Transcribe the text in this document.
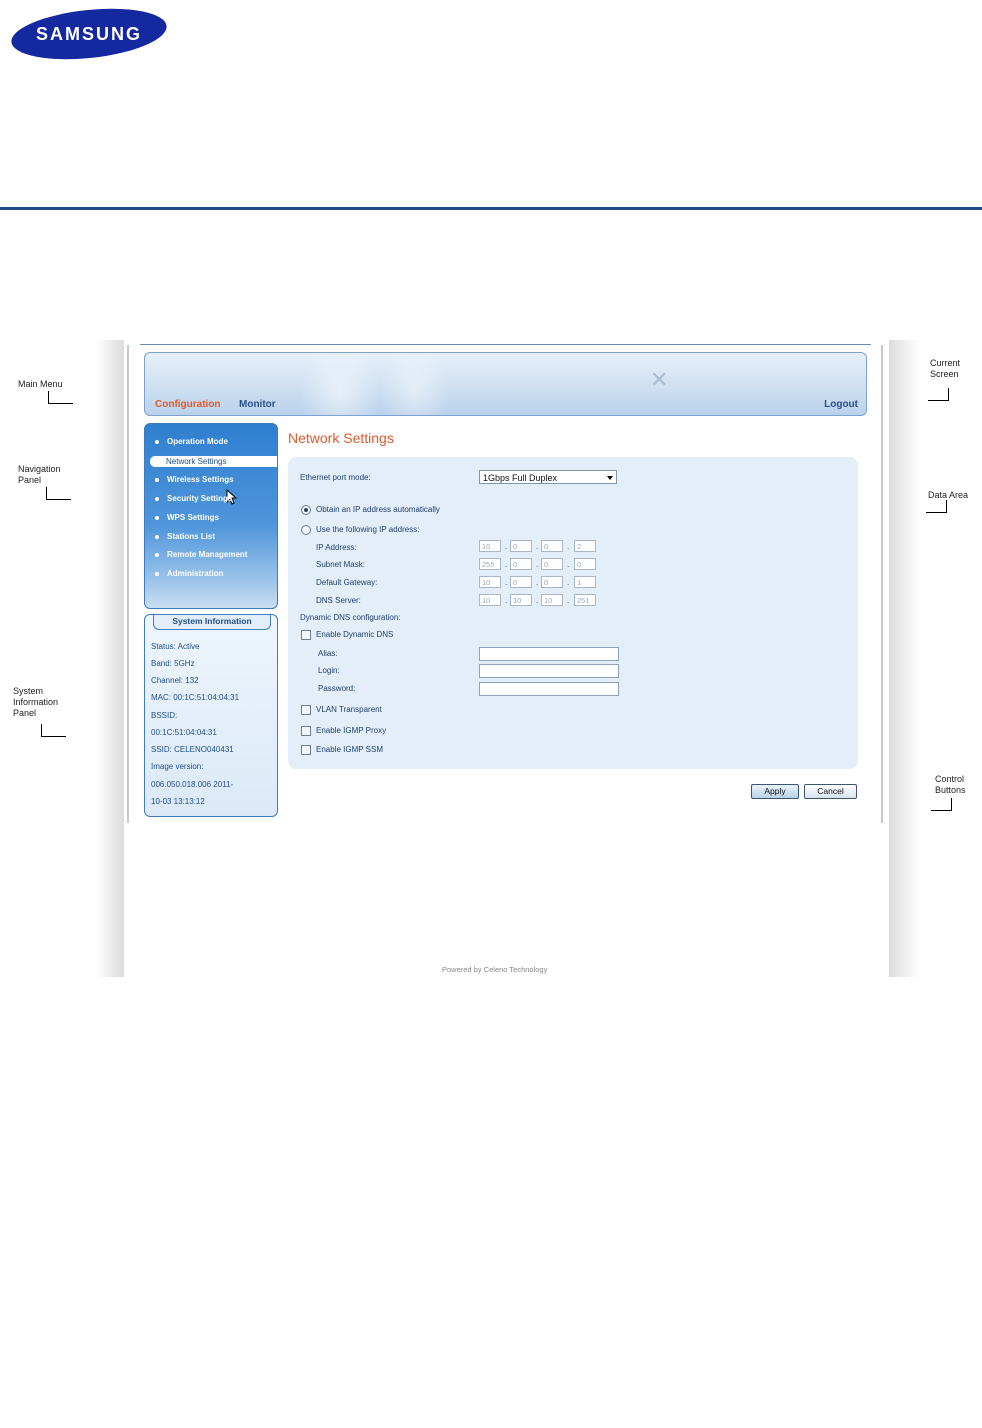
SAMSUNG
Main Menu
Navigation
Panel
System
Information
Panel
Current
Screen
Data Area
Control
Buttons
✕
Configuration Monitor	Logout
Operation Mode
Network Settings
Wireless Settings
Security Settings
WPS Settings
Stations List
Remote Management
Administration
System Information
Status: Active
Band: 5GHz
Channel: 132
MAC: 00:1C:51:04:04:31
BSSID:
00:1C:51:04:04:31
SSID: CELENO040431
Image version:
006.050.018.006 2011-
10-03 13:13:12
Network Settings
Ethernet port mode:	1Gbps Full Duplex
Obtain an IP address automatically
Use the following IP address:
IP Address:	10	. 0	. 0	.	2
Subnet Mask:	255	. 0	. 0	.	0
Default Gateway:	10	. 0	. 0	.	1
DNS Server:	10	. 10	. 10	.	251
Dynamic DNS configuration:
Enable Dynamic DNS
Alias:
Login:
Password:
VLAN Transparent
Enable IGMP Proxy
Enable IGMP SSM
Apply	Cancel
Powered by Celeno Technology
